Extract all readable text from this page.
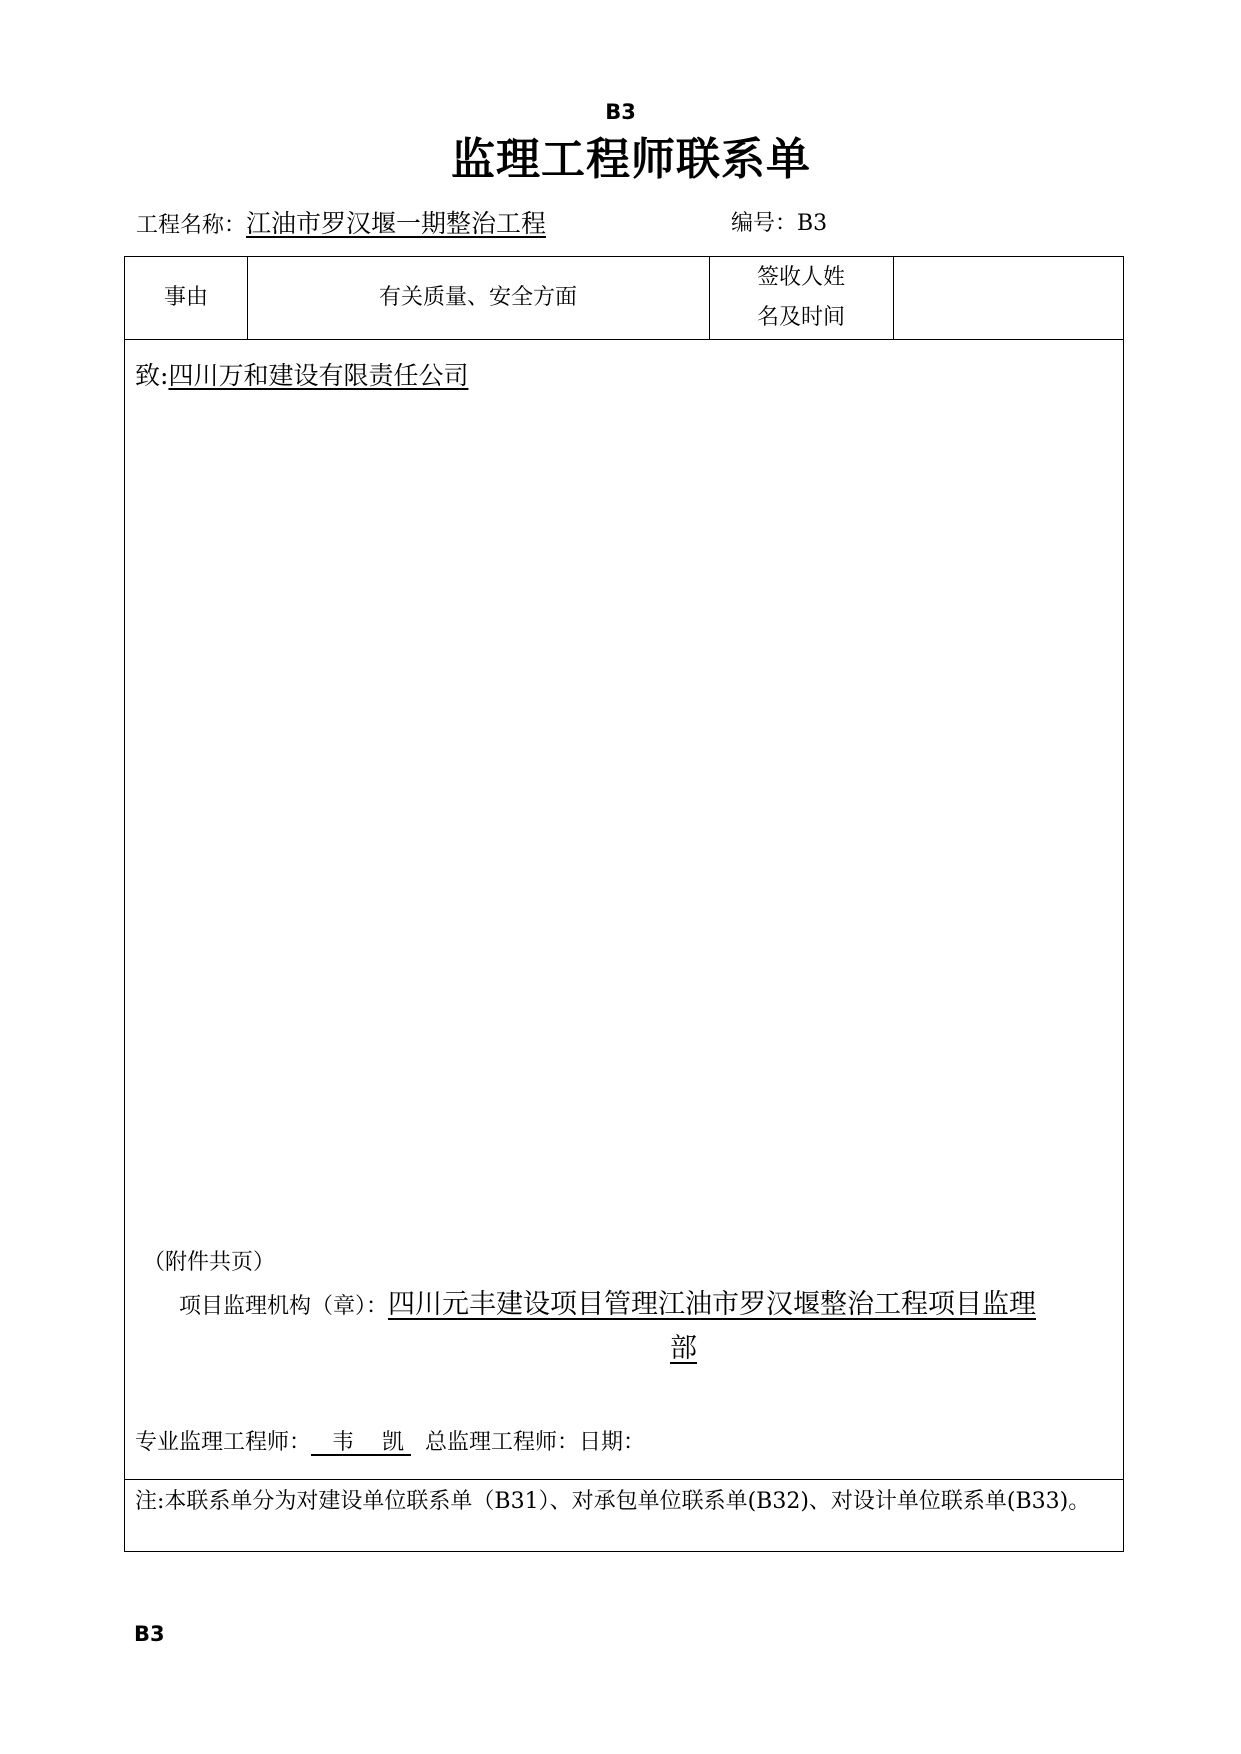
B3
监理工程师联系单
工程名称：江油市罗汉堰一期整治工程	编号：B3
事由	有关质量、安全方面
签收人姓
名及时间
致:四川万和建设有限责任公司
（附件共页）
项目监理机构（章）：四川元丰建设项目管理江油市罗汉堰整治工程项目监理
部
专业监理工程师：   韦    凯   总监理工程师：日期：
注:本联系单分为对建设单位联系单（B31）、对承包单位联系单(B32)、对设计单位联系单(B33)。
B3
